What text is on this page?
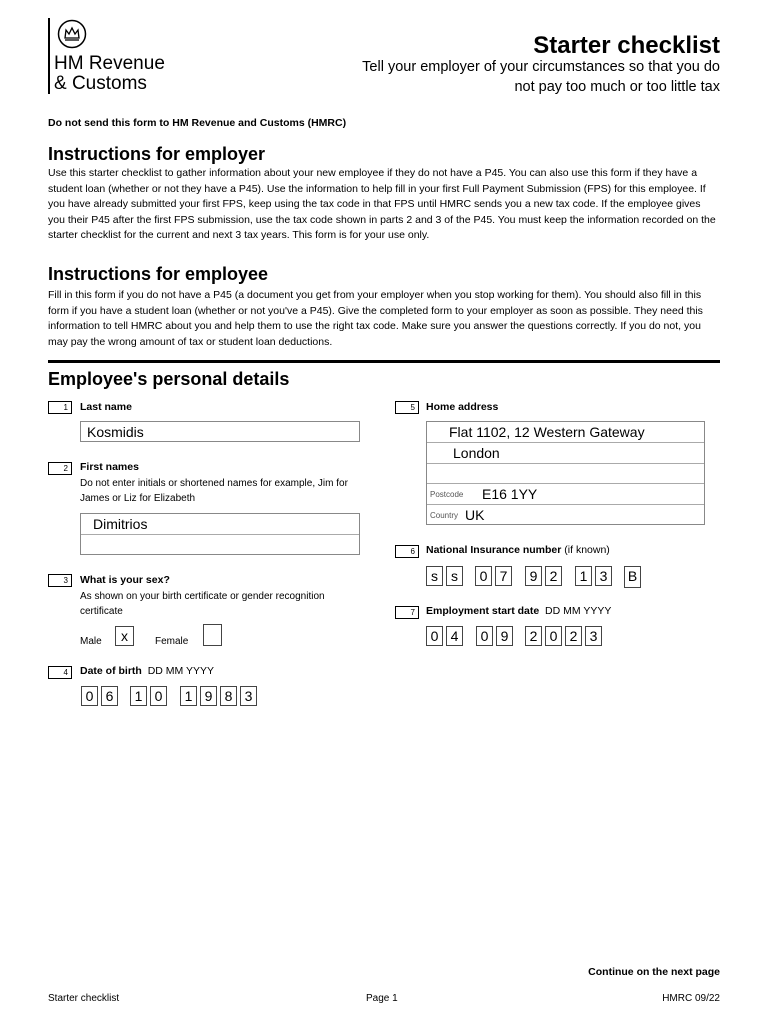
HM Revenue
& Customs
Starter checklist
Tell your employer of your circumstances so that you do not pay too much or too little tax
Do not send this form to HM Revenue and Customs (HMRC)
Instructions for employer
Use this starter checklist to gather information about your new employee if they do not have a P45. You can also use this form if they have a student loan (whether or not they have a P45). Use the information to help fill in your first Full Payment Submission (FPS) for this employee. If you have already submitted your first FPS, keep using the tax code in that FPS until HMRC sends you a new tax code. If the employee gives you their P45 after the first FPS submission, use the tax code shown in parts 2 and 3 of the P45. You must keep the information recorded on the starter checklist for the current and next 3 tax years. This form is for your use only.
Instructions for employee
Fill in this form if you do not have a P45 (a document you get from your employer when you stop working for them). You should also fill in this form if you have a student loan (whether or not you've a P45). Give the completed form to your employer as soon as possible. They need this information to tell HMRC about you and help them to use the right tax code. Make sure you answer the questions correctly. If you do not, you may pay the wrong amount of tax or student loan deductions.
Employee's personal details
1	Last name
Kosmidis
2	First names
Do not enter initials or shortened names for example, Jim for James or Liz for Elizabeth
Dimitrios
3	What is your sex?
As shown on your birth certificate or gender recognition certificate
Male	x	Female
4	Date of birth DD MM YYYY
0 6	1 0	1 9 8 3
5	Home address
Flat 1102, 12 Western Gateway
London
Postcode E16 1YY
Country UK
6	National Insurance number (if known)
s s	0 7	9 2	1 3	B
7	Employment start date DD MM YYYY
0 4	0 9	2 0 2 3
Continue on the next page
Starter checklist	Page 1	HMRC 09/22
